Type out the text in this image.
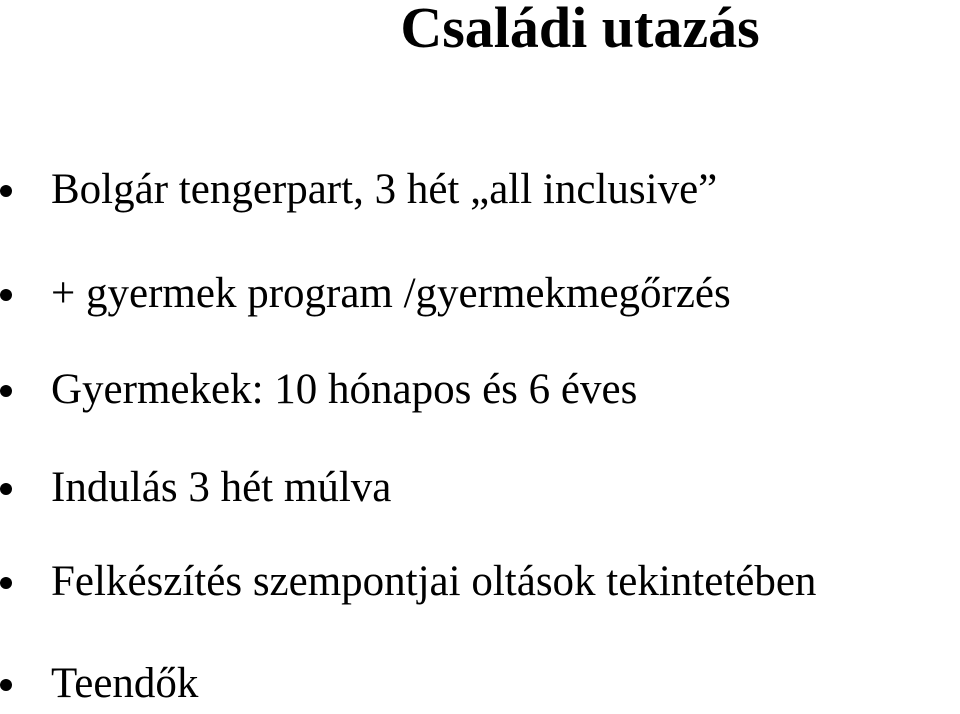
Családi utazás
Bolgár tengerpart, 3 hét „all inclusive”
+ gyermek program /gyermekmegőrzés
Gyermekek: 10 hónapos és 6 éves
Indulás 3 hét múlva
Felkészítés szempontjai oltások tekintetében
Teendők
